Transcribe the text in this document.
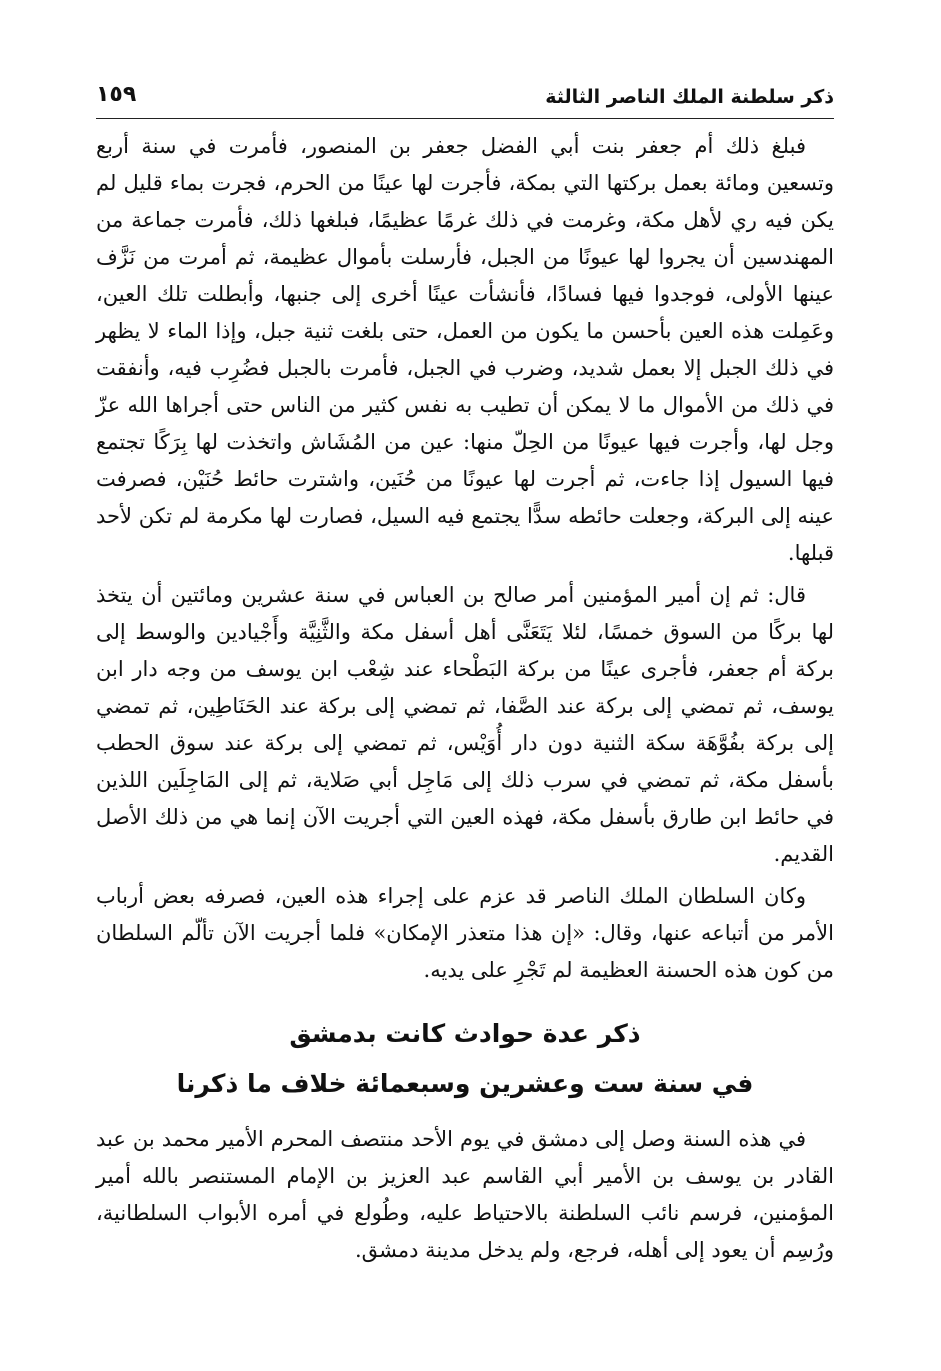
ذكر سلطنة الملك الناصر الثالثة
١٥٩

فبلغ ذلك أم جعفر بنت أبي الفضل جعفر بن المنصور، فأمرت في سنة أربع وتسعين ومائة بعمل بركتها التي بمكة، فأجرت لها عينًا من الحرم، فجرت بماء قليل لم يكن فيه ري لأهل مكة، وغرمت في ذلك غرمًا عظيمًا، فبلغها ذلك، فأمرت جماعة من المهندسين أن يجروا لها عيونًا من الجبل، فأرسلت بأموال عظيمة، ثم أمرت من نَزَّف عينها الأولى، فوجدوا فيها فسادًا، فأنشأت عينًا أخرى إلى جنبها، وأبطلت تلك العين، وعَمِلت هذه العين بأحسن ما يكون من العمل، حتى بلغت ثنية جبل، وإذا الماء لا يظهر في ذلك الجبل إلا بعمل شديد، وضرب في الجبل، فأمرت بالجبل فضُرِب فيه، وأنفقت في ذلك من الأموال ما لا يمكن أن تطيب به نفس كثير من الناس حتى أجراها الله عزّ وجل لها، وأجرت فيها عيونًا من الحِلّ منها: عين من المُشَاش واتخذت لها بِرَكًا تجتمع فيها السيول إذا جاءت، ثم أجرت لها عيونًا من حُنَين، واشترت حائط حُنَيْن، فصرفت عينه إلى البركة، وجعلت حائطه سدًّا يجتمع فيه السيل، فصارت لها مكرمة لم تكن لأحد قبلها.

قال: ثم إن أمير المؤمنين أمر صالح بن العباس في سنة عشرين ومائتين أن يتخذ لها بركًا من السوق خمسًا، لئلا يَتَعَنَّى أهل أسفل مكة والثَّنِيَّة وأَجْيادين والوسط إلى بركة أم جعفر، فأجرى عينًا من بركة البَطْحاء عند شِعْب ابن يوسف من وجه دار ابن يوسف، ثم تمضي إلى بركة عند الصَّفا، ثم تمضي إلى بركة عند الحَنَاطِين، ثم تمضي إلى بركة بفُوَّهَة سكة الثنية دون دار أُوَيْس، ثم تمضي إلى بركة عند سوق الحطب بأسفل مكة، ثم تمضي في سرب ذلك إلى مَاجِل أبي صَلاية، ثم إلى المَاجِلَين اللذين في حائط ابن طارق بأسفل مكة، فهذه العين التي أجريت الآن إنما هي من ذلك الأصل القديم.

وكان السلطان الملك الناصر قد عزم على إجراء هذه العين، فصرفه بعض أرباب الأمر من أتباعه عنها، وقال: «إن هذا متعذر الإمكان» فلما أجريت الآن تألّم السلطان من كون هذه الحسنة العظيمة لم تَجْرِ على يديه.

ذكر عدة حوادث كانت بدمشق
في سنة ست وعشرين وسبعمائة خلاف ما ذكرنا

في هذه السنة وصل إلى دمشق في يوم الأحد منتصف المحرم الأمير محمد بن عبد القادر بن يوسف بن الأمير أبي القاسم عبد العزيز بن الإمام المستنصر بالله أمير المؤمنين، فرسم نائب السلطنة بالاحتياط عليه، وطُولع في أمره الأبواب السلطانية، ورُسِم أن يعود إلى أهله، فرجع، ولم يدخل مدينة دمشق.
